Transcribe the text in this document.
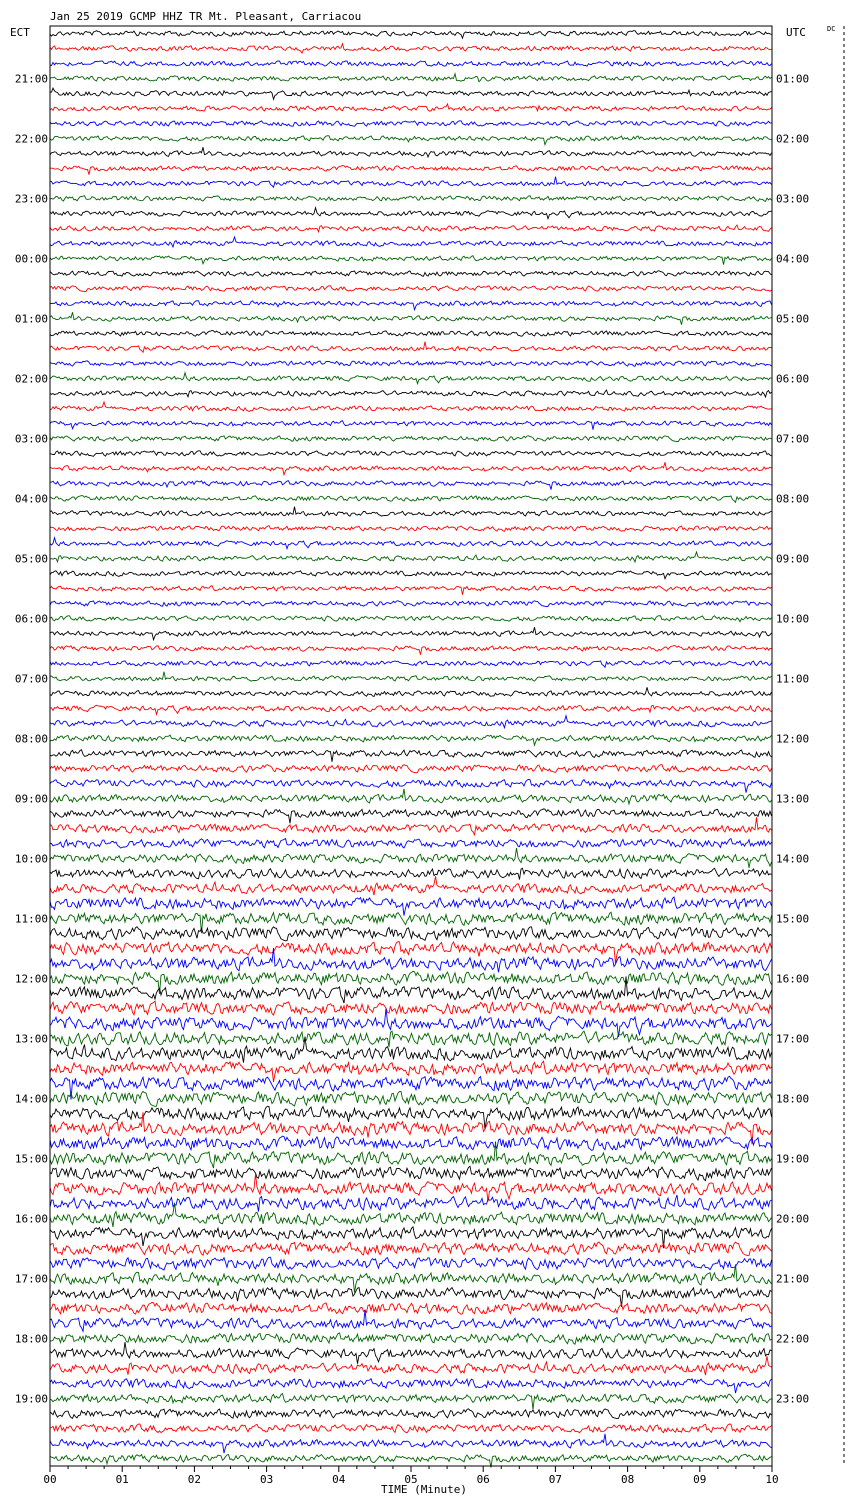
Jan 25 2019 GCMP HHZ TR Mt. Pleasant, Carriacou
ECT	UTC	DC
21:00
22:00
23:00
00:00
01:00
02:00
03:00
04:00
05:00
06:00
07:00
08:00
09:00
10:00
11:00
12:00
13:00
14:00
15:00
16:00
17:00
18:00
19:00
01:00
02:00
03:00
04:00
05:00
06:00
07:00
08:00
09:00
10:00
11:00
12:00
13:00
14:00
15:00
16:00
17:00
18:00
19:00
20:00
21:00
22:00
23:00
00	01	02	03	04	05	06	07	08	09	10
TIME (Minute)
